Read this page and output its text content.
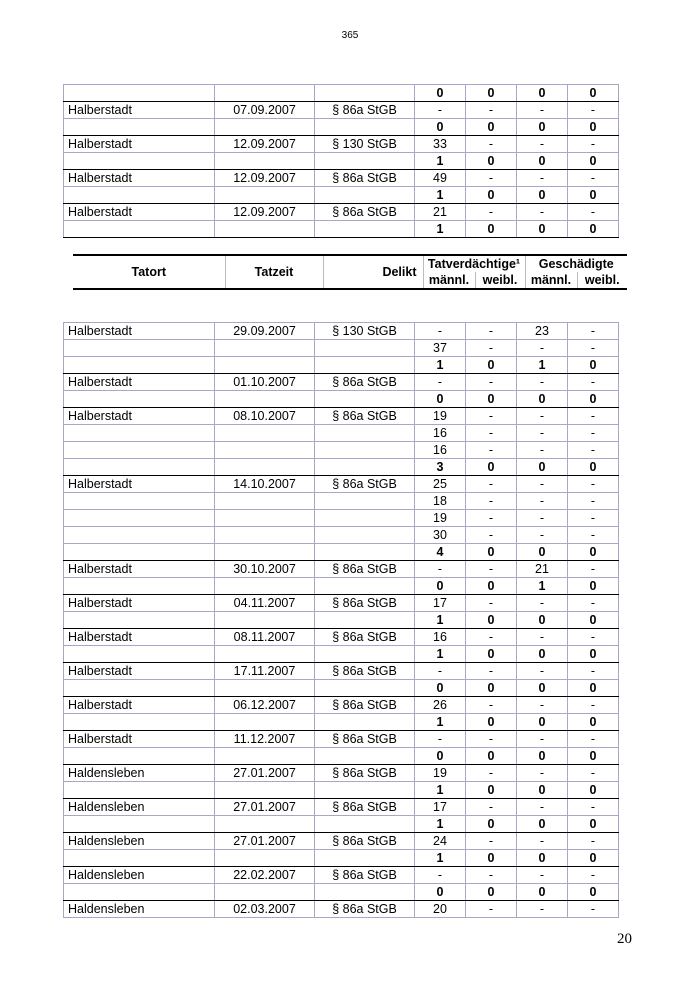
365
			0	0	0	0
Halberstadt	07.09.2007	§ 86a StGB	-	-	-	-
			0	0	0	0
Halberstadt	12.09.2007	§ 130 StGB	33	-	-	-
			1	0	0	0
Halberstadt	12.09.2007	§ 86a StGB	49	-	-	-
			1	0	0	0
Halberstadt	12.09.2007	§ 86a StGB	21	-	-	-
			1	0	0	0
Tatort	Tatzeit	Delikt	Tatverdächtige¹		Geschädigte	
			männl.	weibl.	männl.	weibl.
Halberstadt	29.09.2007	§ 130 StGB	-	-	23	-
			37	-	-	-
			1	0	1	0
Halberstadt	01.10.2007	§ 86a StGB	-	-	-	-
			0	0	0	0
Halberstadt	08.10.2007	§ 86a StGB	19	-	-	-
			16	-	-	-
			16	-	-	-
			3	0	0	0
Halberstadt	14.10.2007	§ 86a StGB	25	-	-	-
			18	-	-	-
			19	-	-	-
			30	-	-	-
			4	0	0	0
Halberstadt	30.10.2007	§ 86a StGB	-	-	21	-
			0	0	1	0
Halberstadt	04.11.2007	§ 86a StGB	17	-	-	-
			1	0	0	0
Halberstadt	08.11.2007	§ 86a StGB	16	-	-	-
			1	0	0	0
Halberstadt	17.11.2007	§ 86a StGB	-	-	-	-
			0	0	0	0
Halberstadt	06.12.2007	§ 86a StGB	26	-	-	-
			1	0	0	0
Halberstadt	11.12.2007	§ 86a StGB	-	-	-	-
			0	0	0	0
Haldensleben	27.01.2007	§ 86a StGB	19	-	-	-
			1	0	0	0
Haldensleben	27.01.2007	§ 86a StGB	17	-	-	-
			1	0	0	0
Haldensleben	27.01.2007	§ 86a StGB	24	-	-	-
			1	0	0	0
Haldensleben	22.02.2007	§ 86a StGB	-	-	-	-
			0	0	0	0
Haldensleben	02.03.2007	§ 86a StGB	20	-	-	-
20
